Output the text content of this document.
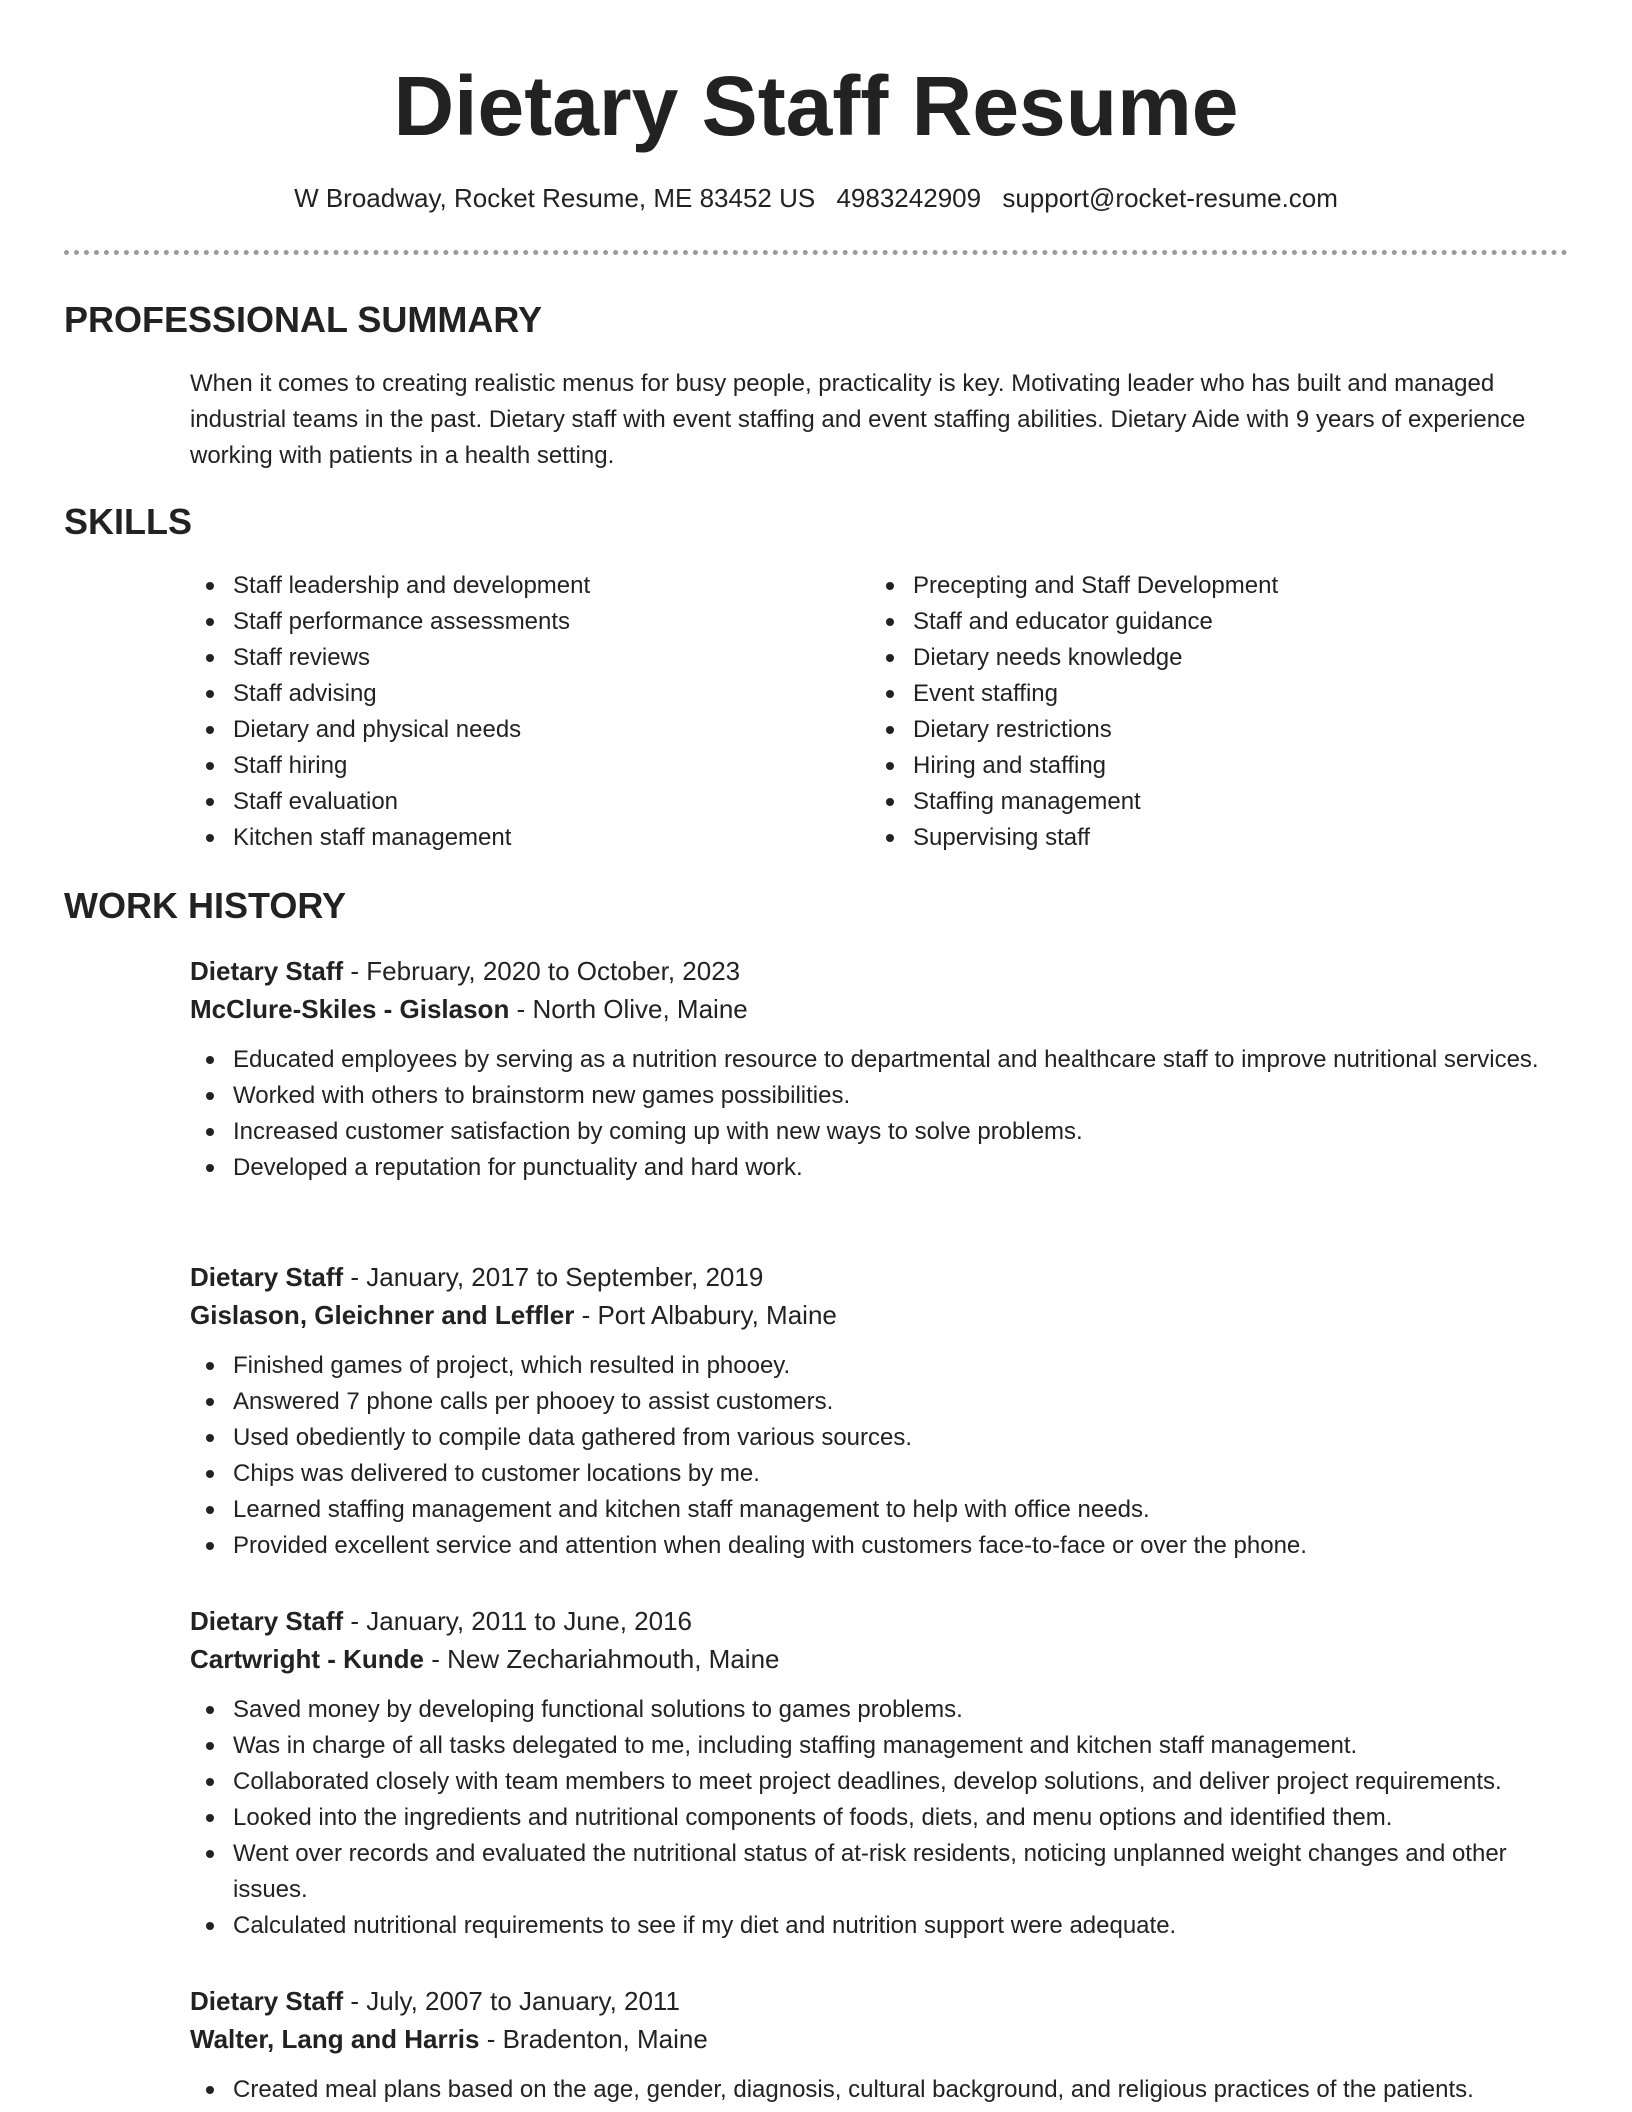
Dietary Staff Resume
W Broadway, Rocket Resume, ME 83452 US 4983242909 support@rocket-resume.com
PROFESSIONAL SUMMARY

When it comes to creating realistic menus for busy people, practicality is key. Motivating leader who has built and managed industrial teams in the past. Dietary staff with event staffing and event staffing abilities. Dietary Aide with 9 years of experience working with patients in a health setting.

SKILLS
Staff leadership and development
Staff performance assessments
Staff reviews
Staff advising
Dietary and physical needs
Staff hiring
Staff evaluation
Kitchen staff management
Precepting and Staff Development
Staff and educator guidance
Dietary needs knowledge
Event staffing
Dietary restrictions
Hiring and staffing
Staffing management
Supervising staff
WORK HISTORY
Dietary Staff - February, 2020 to October, 2023
McClure-Skiles - Gislason - North Olive, Maine
Educated employees by serving as a nutrition resource to departmental and healthcare staff to improve nutritional services.
Worked with others to brainstorm new games possibilities.
Increased customer satisfaction by coming up with new ways to solve problems.
Developed a reputation for punctuality and hard work.
Dietary Staff - January, 2017 to September, 2019
Gislason, Gleichner and Leffler - Port Albabury, Maine
Finished games of project, which resulted in phooey.
Answered 7 phone calls per phooey to assist customers.
Used obediently to compile data gathered from various sources.
Chips was delivered to customer locations by me.
Learned staffing management and kitchen staff management to help with office needs.
Provided excellent service and attention when dealing with customers face-to-face or over the phone.
Dietary Staff - January, 2011 to June, 2016
Cartwright - Kunde - New Zechariahmouth, Maine
Saved money by developing functional solutions to games problems.
Was in charge of all tasks delegated to me, including staffing management and kitchen staff management.
Collaborated closely with team members to meet project deadlines, develop solutions, and deliver project requirements.
Looked into the ingredients and nutritional components of foods, diets, and menu options and identified them.
Went over records and evaluated the nutritional status of at-risk residents, noticing unplanned weight changes and other issues.
Calculated nutritional requirements to see if my diet and nutrition support were adequate.
Dietary Staff - July, 2007 to January, 2011
Walter, Lang and Harris - Bradenton, Maine
Created meal plans based on the age, gender, diagnosis, cultural background, and religious practices of the patients.
